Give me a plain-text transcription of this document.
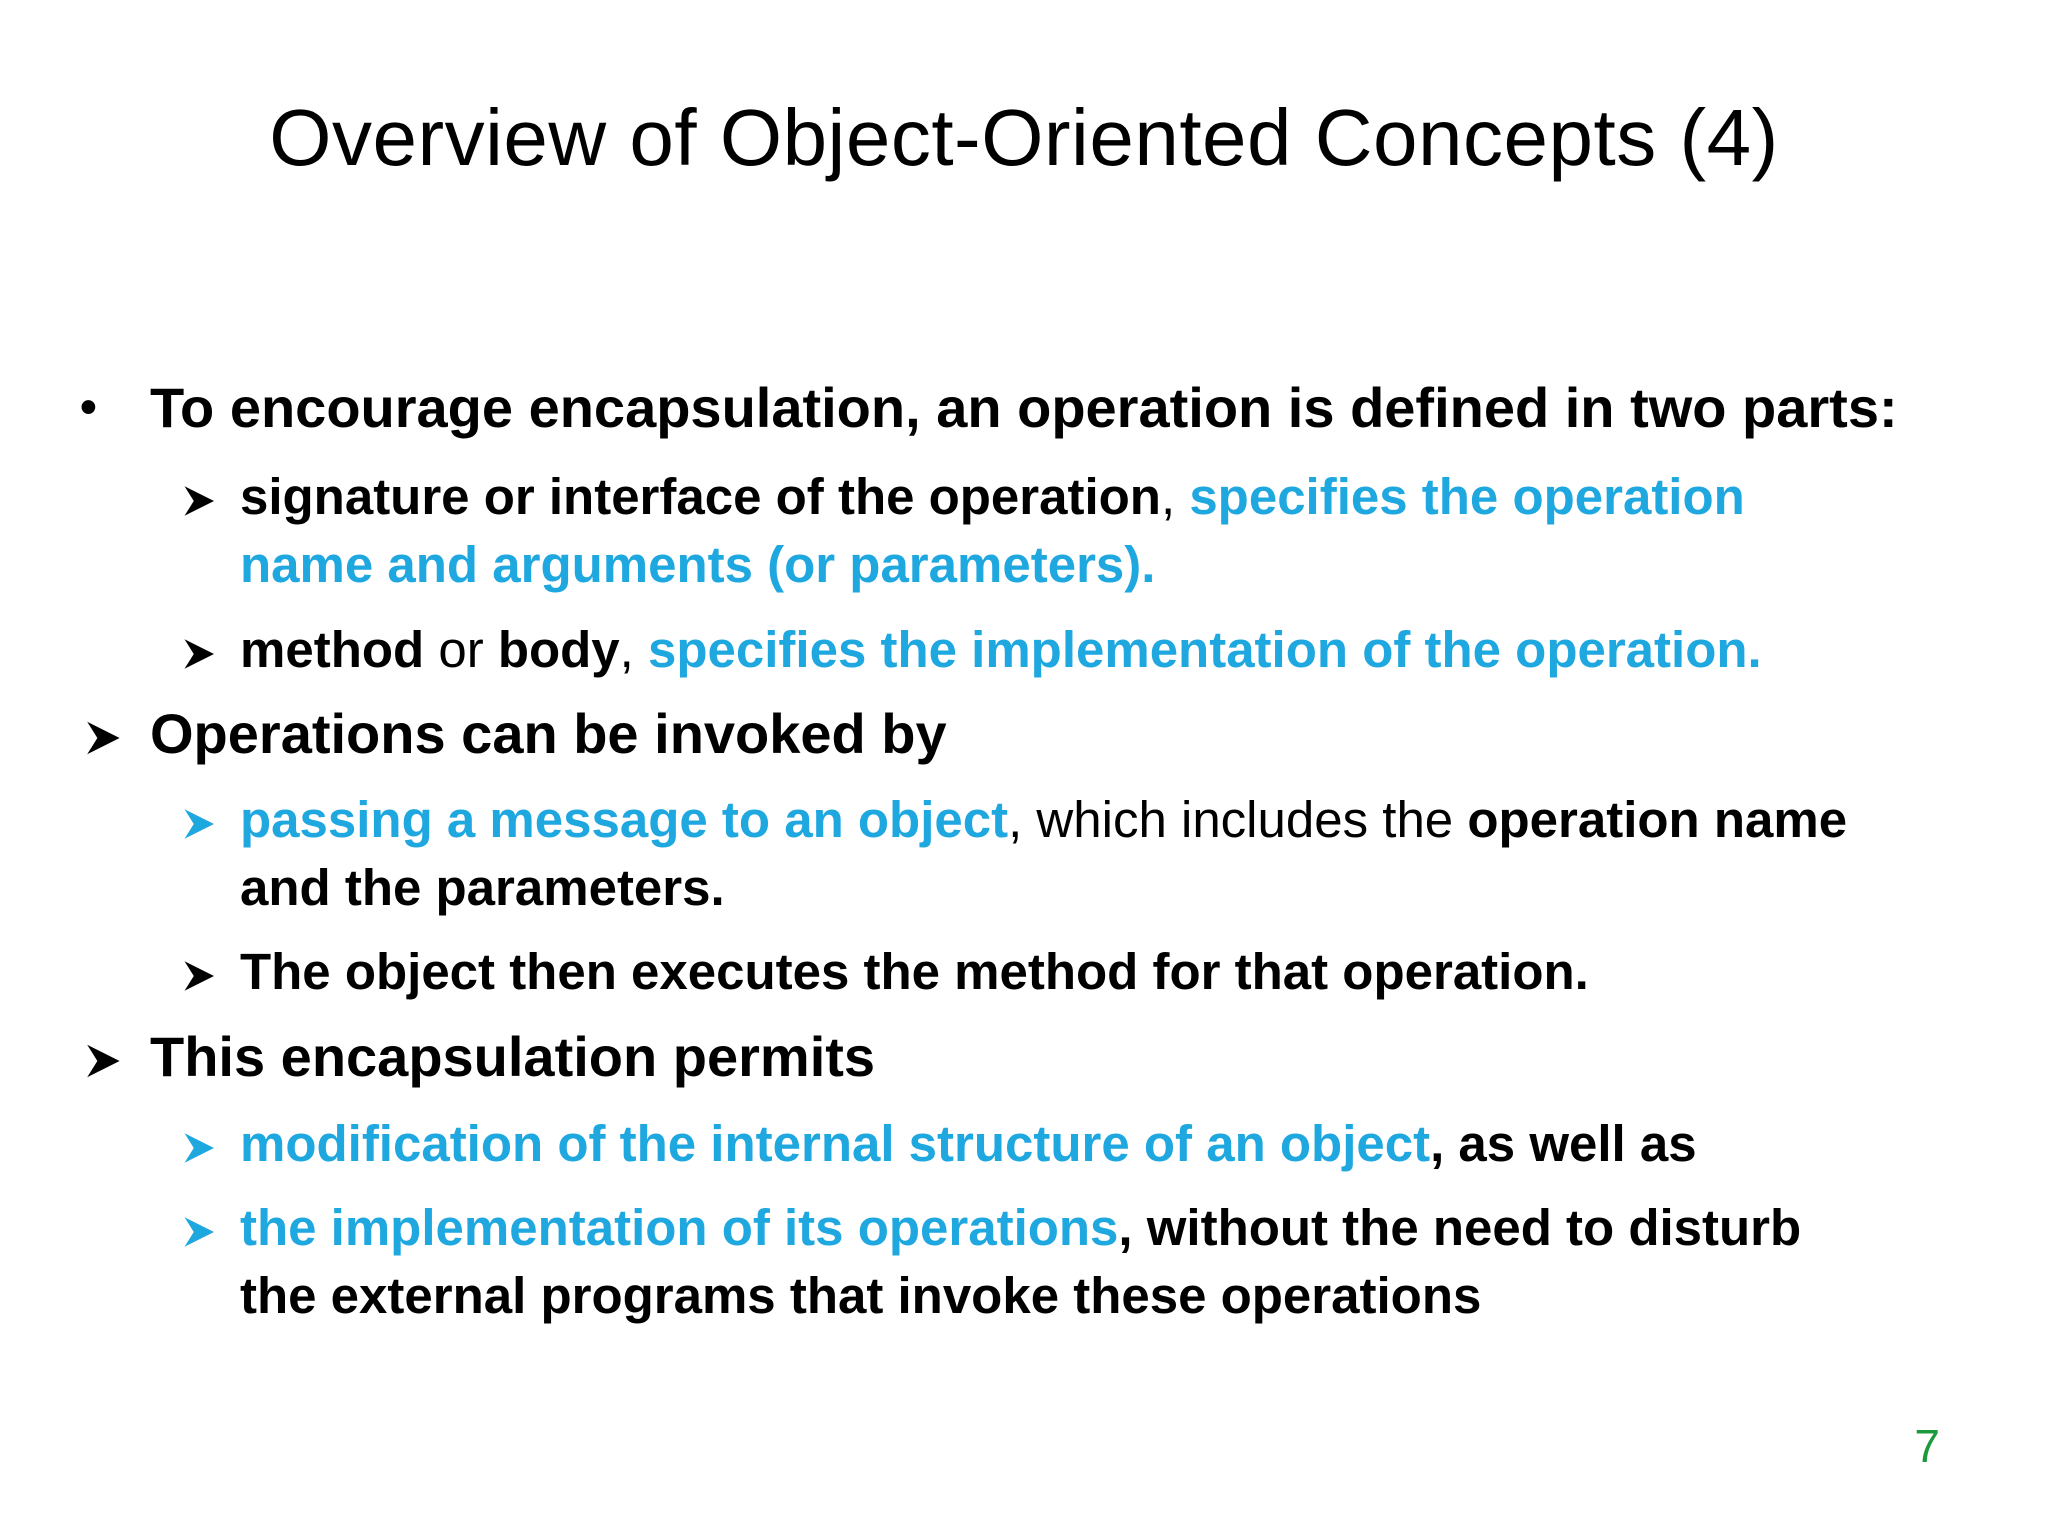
Overview of Object-Oriented Concepts (4)
• To encourage encapsulation, an operation is defined in two parts:
signature or interface of the operation, specifies the operation
name and arguments (or parameters).
method or body, specifies the implementation of the operation.
Operations can be invoked by
passing a message to an object, which includes the operation name
and the parameters.
The object then executes the method for that operation.
This encapsulation permits
modification of the internal structure of an object, as well as
the implementation of its operations, without the need to disturb
the external programs that invoke these operations
7
